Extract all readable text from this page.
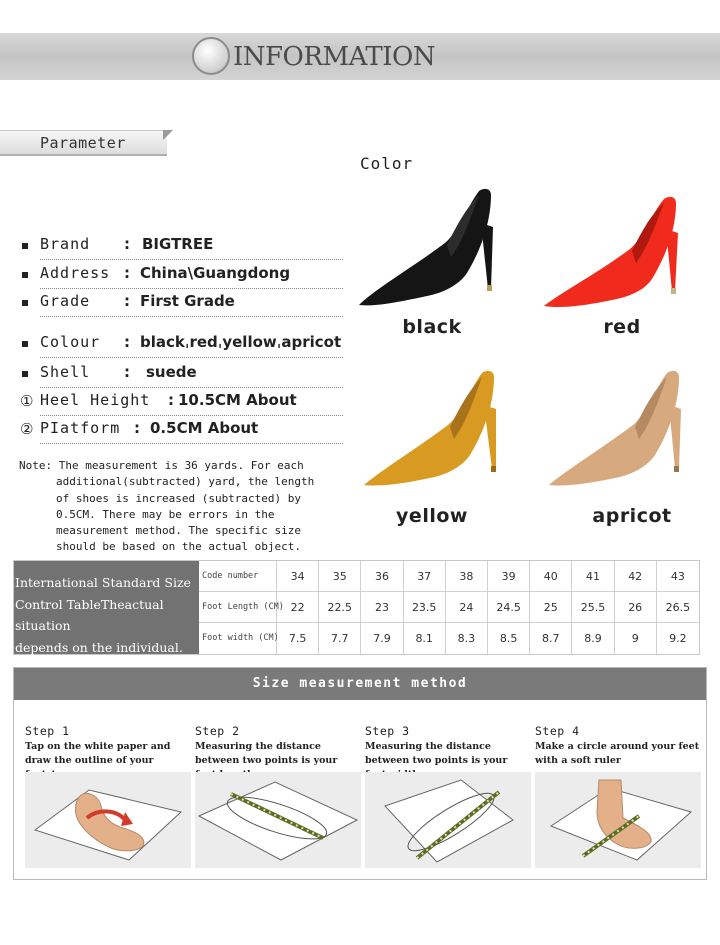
INFORMATION
Parameter
Brand : BIGTREE
Address : China\Guangdong
Grade : First Grade
Colour : blackˌredˌyellowˌapricot
Shell : suede
① Heel Height : 10.5CM About
② PIatform : 0.5CM About
Note: The measurement is 36 yards. For each
additional(subtracted) yard, the length
of shoes is increased (subtracted) by
0.5CM. There may be errors in the
measurement method. The specific size
should be based on the actual object.
Color
black	red
yellow	apricot
International Standard Size
Control TableTheactual situation
depends on the individual.
Code number	34	35	36	37	38	39	40	41	42	43
Foot Length (CM) 22	22.5	23	23.5	24	24.5	25	25.5	26	26.5
Foot width (CM) 7.5	7.7	7.9	8.1	8.3	8.5	8.7	8.9	9	9.2
Size measurement method
Step 1
Tap on the white paper and draw the outline of your footsteps
Step 2
Measuring the distance between two points is your foot length.
Step 3
Measuring the distance between two points is your foot width.
Step 4
Make a circle around your feet with a soft ruler
